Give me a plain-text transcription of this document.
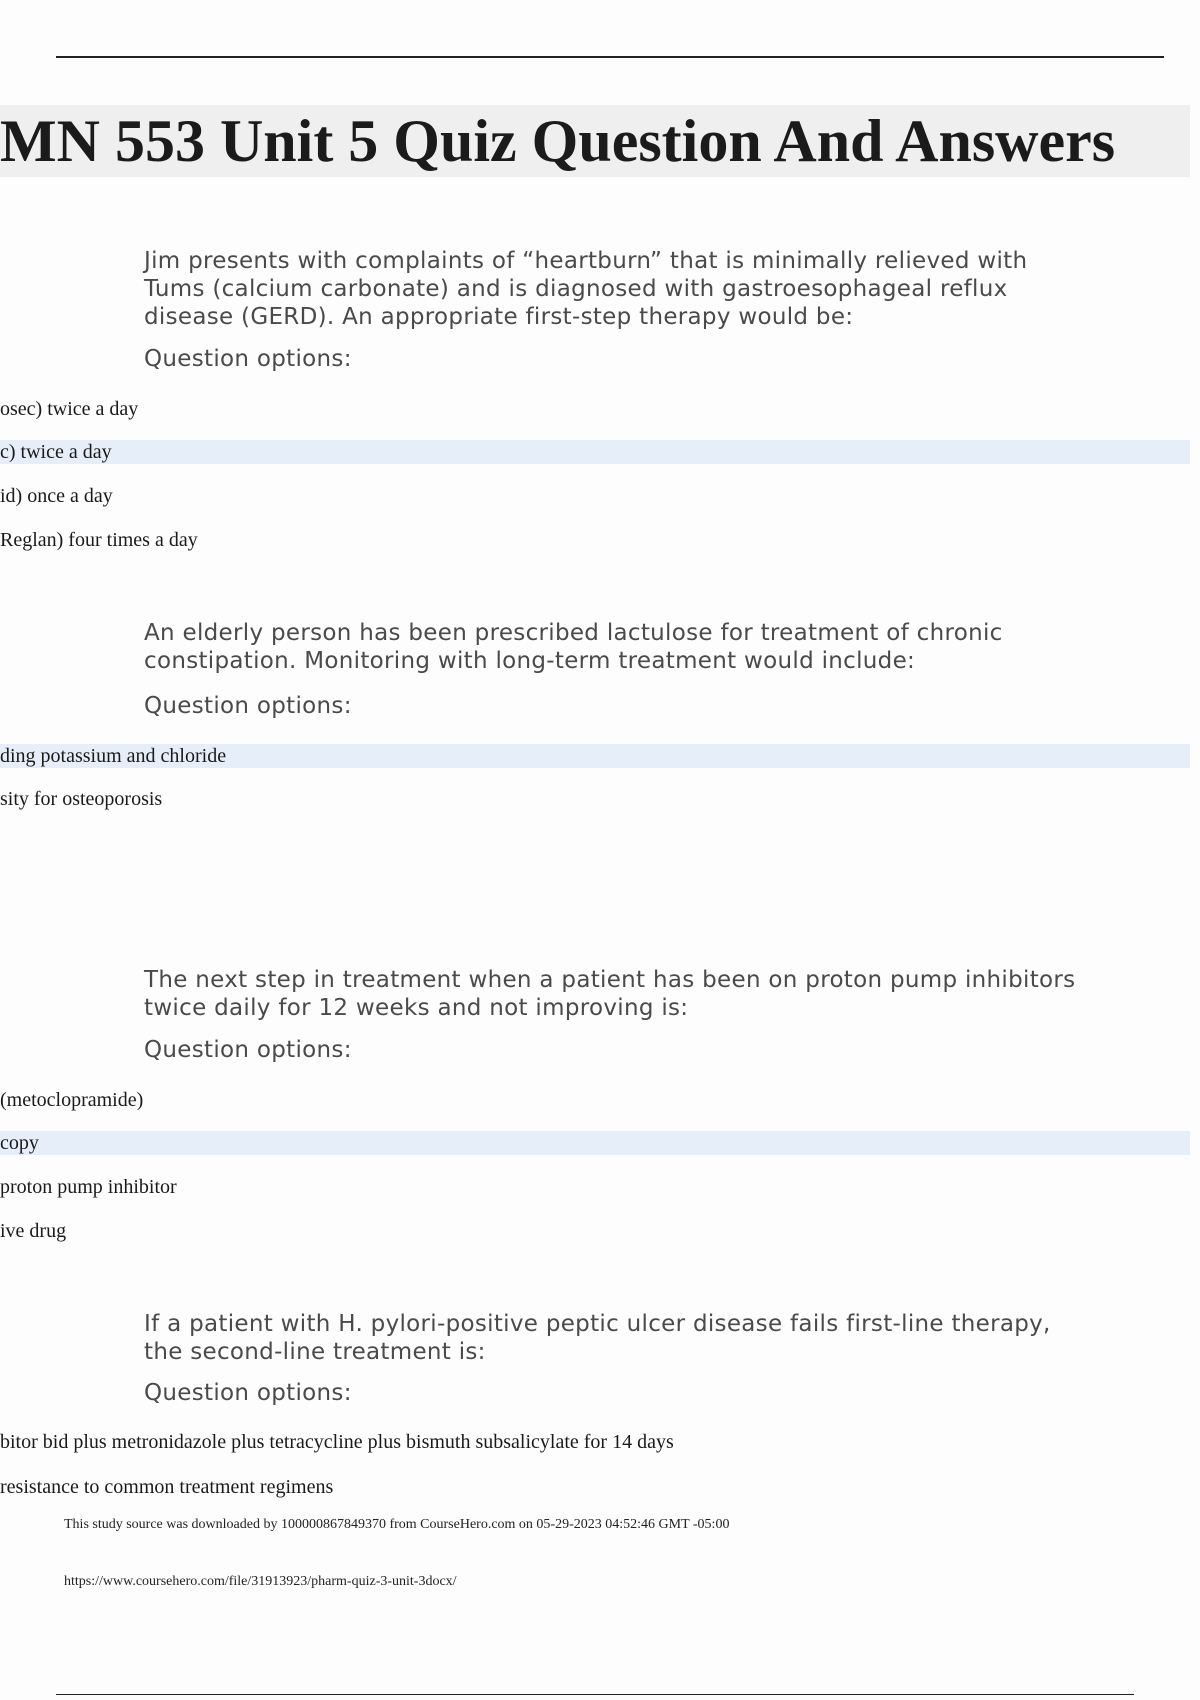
MN 553 Unit 5 Quiz Question And Answers
Jim presents with complaints of “heartburn” that is minimally relieved with Tums (calcium carbonate) and is diagnosed with gastroesophageal reflux disease (GERD). An appropriate first-step therapy would be:
Question options:
osec) twice a day
c) twice a day
id) once a day
Reglan) four times a day
An elderly person has been prescribed lactulose for treatment of chronic constipation. Monitoring with long-term treatment would include:
Question options:
ding potassium and chloride
sity for osteoporosis
The next step in treatment when a patient has been on proton pump inhibitors twice daily for 12 weeks and not improving is:
Question options:
(metoclopramide)
copy
proton pump inhibitor
ive drug
If a patient with H. pylori-positive peptic ulcer disease fails first-line therapy, the second-line treatment is:
Question options:
bitor bid plus metronidazole plus tetracycline plus bismuth subsalicylate for 14 days
resistance to common treatment regimens
This study source was downloaded by 100000867849370 from CourseHero.com on 05-29-2023 04:52:46 GMT -05:00
https://www.coursehero.com/file/31913923/pharm-quiz-3-unit-3docx/
